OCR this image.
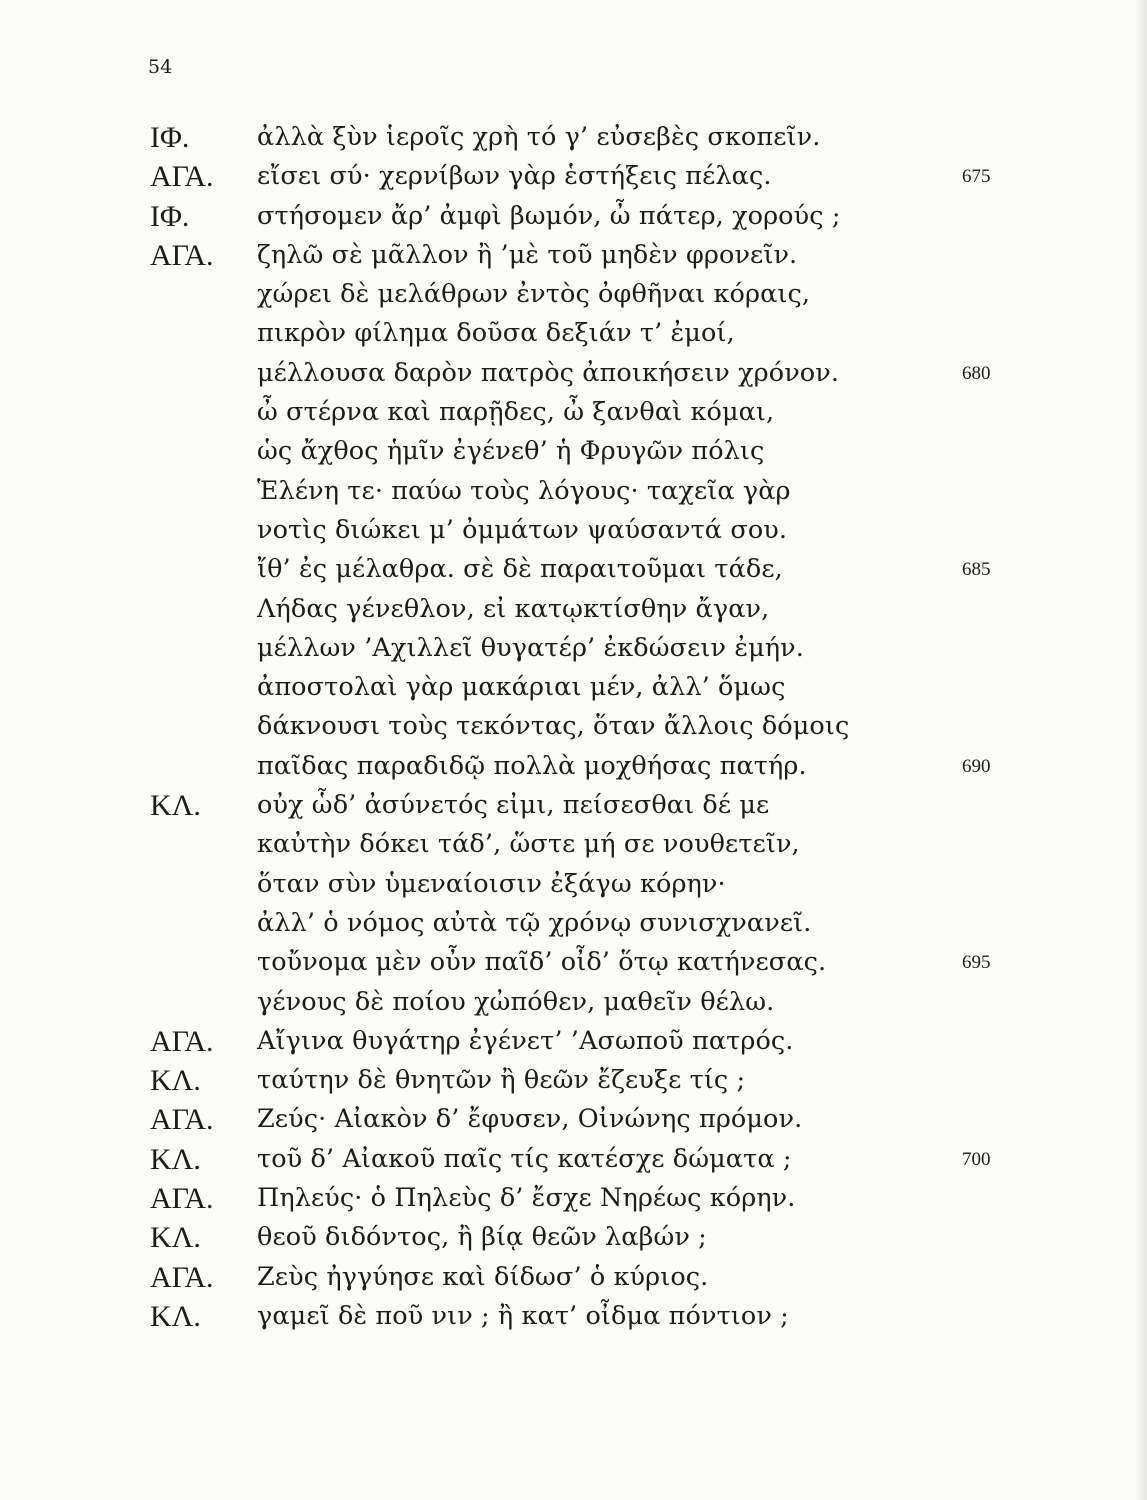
54
ΙΦ.	ἀλλὰ ξὺν ἱεροῖς χρὴ τό γ’ εὐσεβὲς σκοπεῖν.
ΑΓΑ. εἴσει σύ· χερνίβων γὰρ ἑστήξεις πέλας.	675
ΙΦ.	στήσομεν ἄρ’ ἀμφὶ βωμόν, ὦ πάτερ, χορούς ;
ΑΓΑ. ζηλῶ σὲ μᾶλλον ἢ ’μὲ τοῦ μηδὲν φρονεῖν.
χώρει δὲ μελάθρων ἐντὸς ὀφθῆναι κόραις,
πικρὸν φίλημα δοῦσα δεξιάν τ’ ἐμοί,
μέλλουσα δαρὸν πατρὸς ἀποικήσειν χρόνον.	680
ὦ στέρνα καὶ παρῇδες, ὦ ξανθαὶ κόμαι,
ὡς ἄχθος ἡμῖν ἐγένεθ’ ἡ Φρυγῶν πόλις
Ἑλένη τε· παύω τοὺς λόγους· ταχεῖα γὰρ
νοτὶς διώκει μ’ ὀμμάτων ψαύσαντά σου.
ἴθ’ ἐς μέλαθρα. σὲ δὲ παραιτοῦμαι τάδε,	685
Λήδας γένεθλον, εἰ κατῳκτίσθην ἄγαν,
μέλλων ’Αχιλλεῖ θυγατέρ’ ἐκδώσειν ἐμήν.
ἀποστολαὶ γὰρ μακάριαι μέν, ἀλλ’ ὅμως
δάκνουσι τοὺς τεκόντας, ὅταν ἄλλοις δόμοις
παῖδας παραδιδῷ πολλὰ μοχθήσας πατήρ.	690
ΚΛ. οὐχ ὧδ’ ἀσύνετός εἰμι, πείσεσθαι δέ με
καὐτὴν δόκει τάδ’, ὥστε μή σε νουθετεῖν,
ὅταν σὺν ὑμεναίοισιν ἐξάγω κόρην·
ἀλλ’ ὁ νόμος αὐτὰ τῷ χρόνῳ συνισχνανεῖ.
τοὔνομα μὲν οὖν παῖδ’ οἶδ’ ὅτῳ κατήνεσας.	695
γένους δὲ ποίου χὠπόθεν, μαθεῖν θέλω.
ΑΓΑ. Αἴγινα θυγάτηρ ἐγένετ’ ’Ασωποῦ πατρός.
ΚΛ. ταύτην δὲ θνητῶν ἢ θεῶν ἔζευξε τίς ;
ΑΓΑ. Ζεύς· Αἰακὸν δ’ ἔφυσεν, Οἰνώνης πρόμον.
ΚΛ. τοῦ δ’ Αἰακοῦ παῖς τίς κατέσχε δώματα ;	700
ΑΓΑ. Πηλεύς· ὁ Πηλεὺς δ’ ἔσχε Νηρέως κόρην.
ΚΛ. θεοῦ διδόντος, ἢ βίᾳ θεῶν λαβών ;
ΑΓΑ. Ζεὺς ἠγγύησε καὶ δίδωσ’ ὁ κύριος.
ΚΛ. γαμεῖ δὲ ποῦ νιν ; ἢ κατ’ οἶδμα πόντιον ;
